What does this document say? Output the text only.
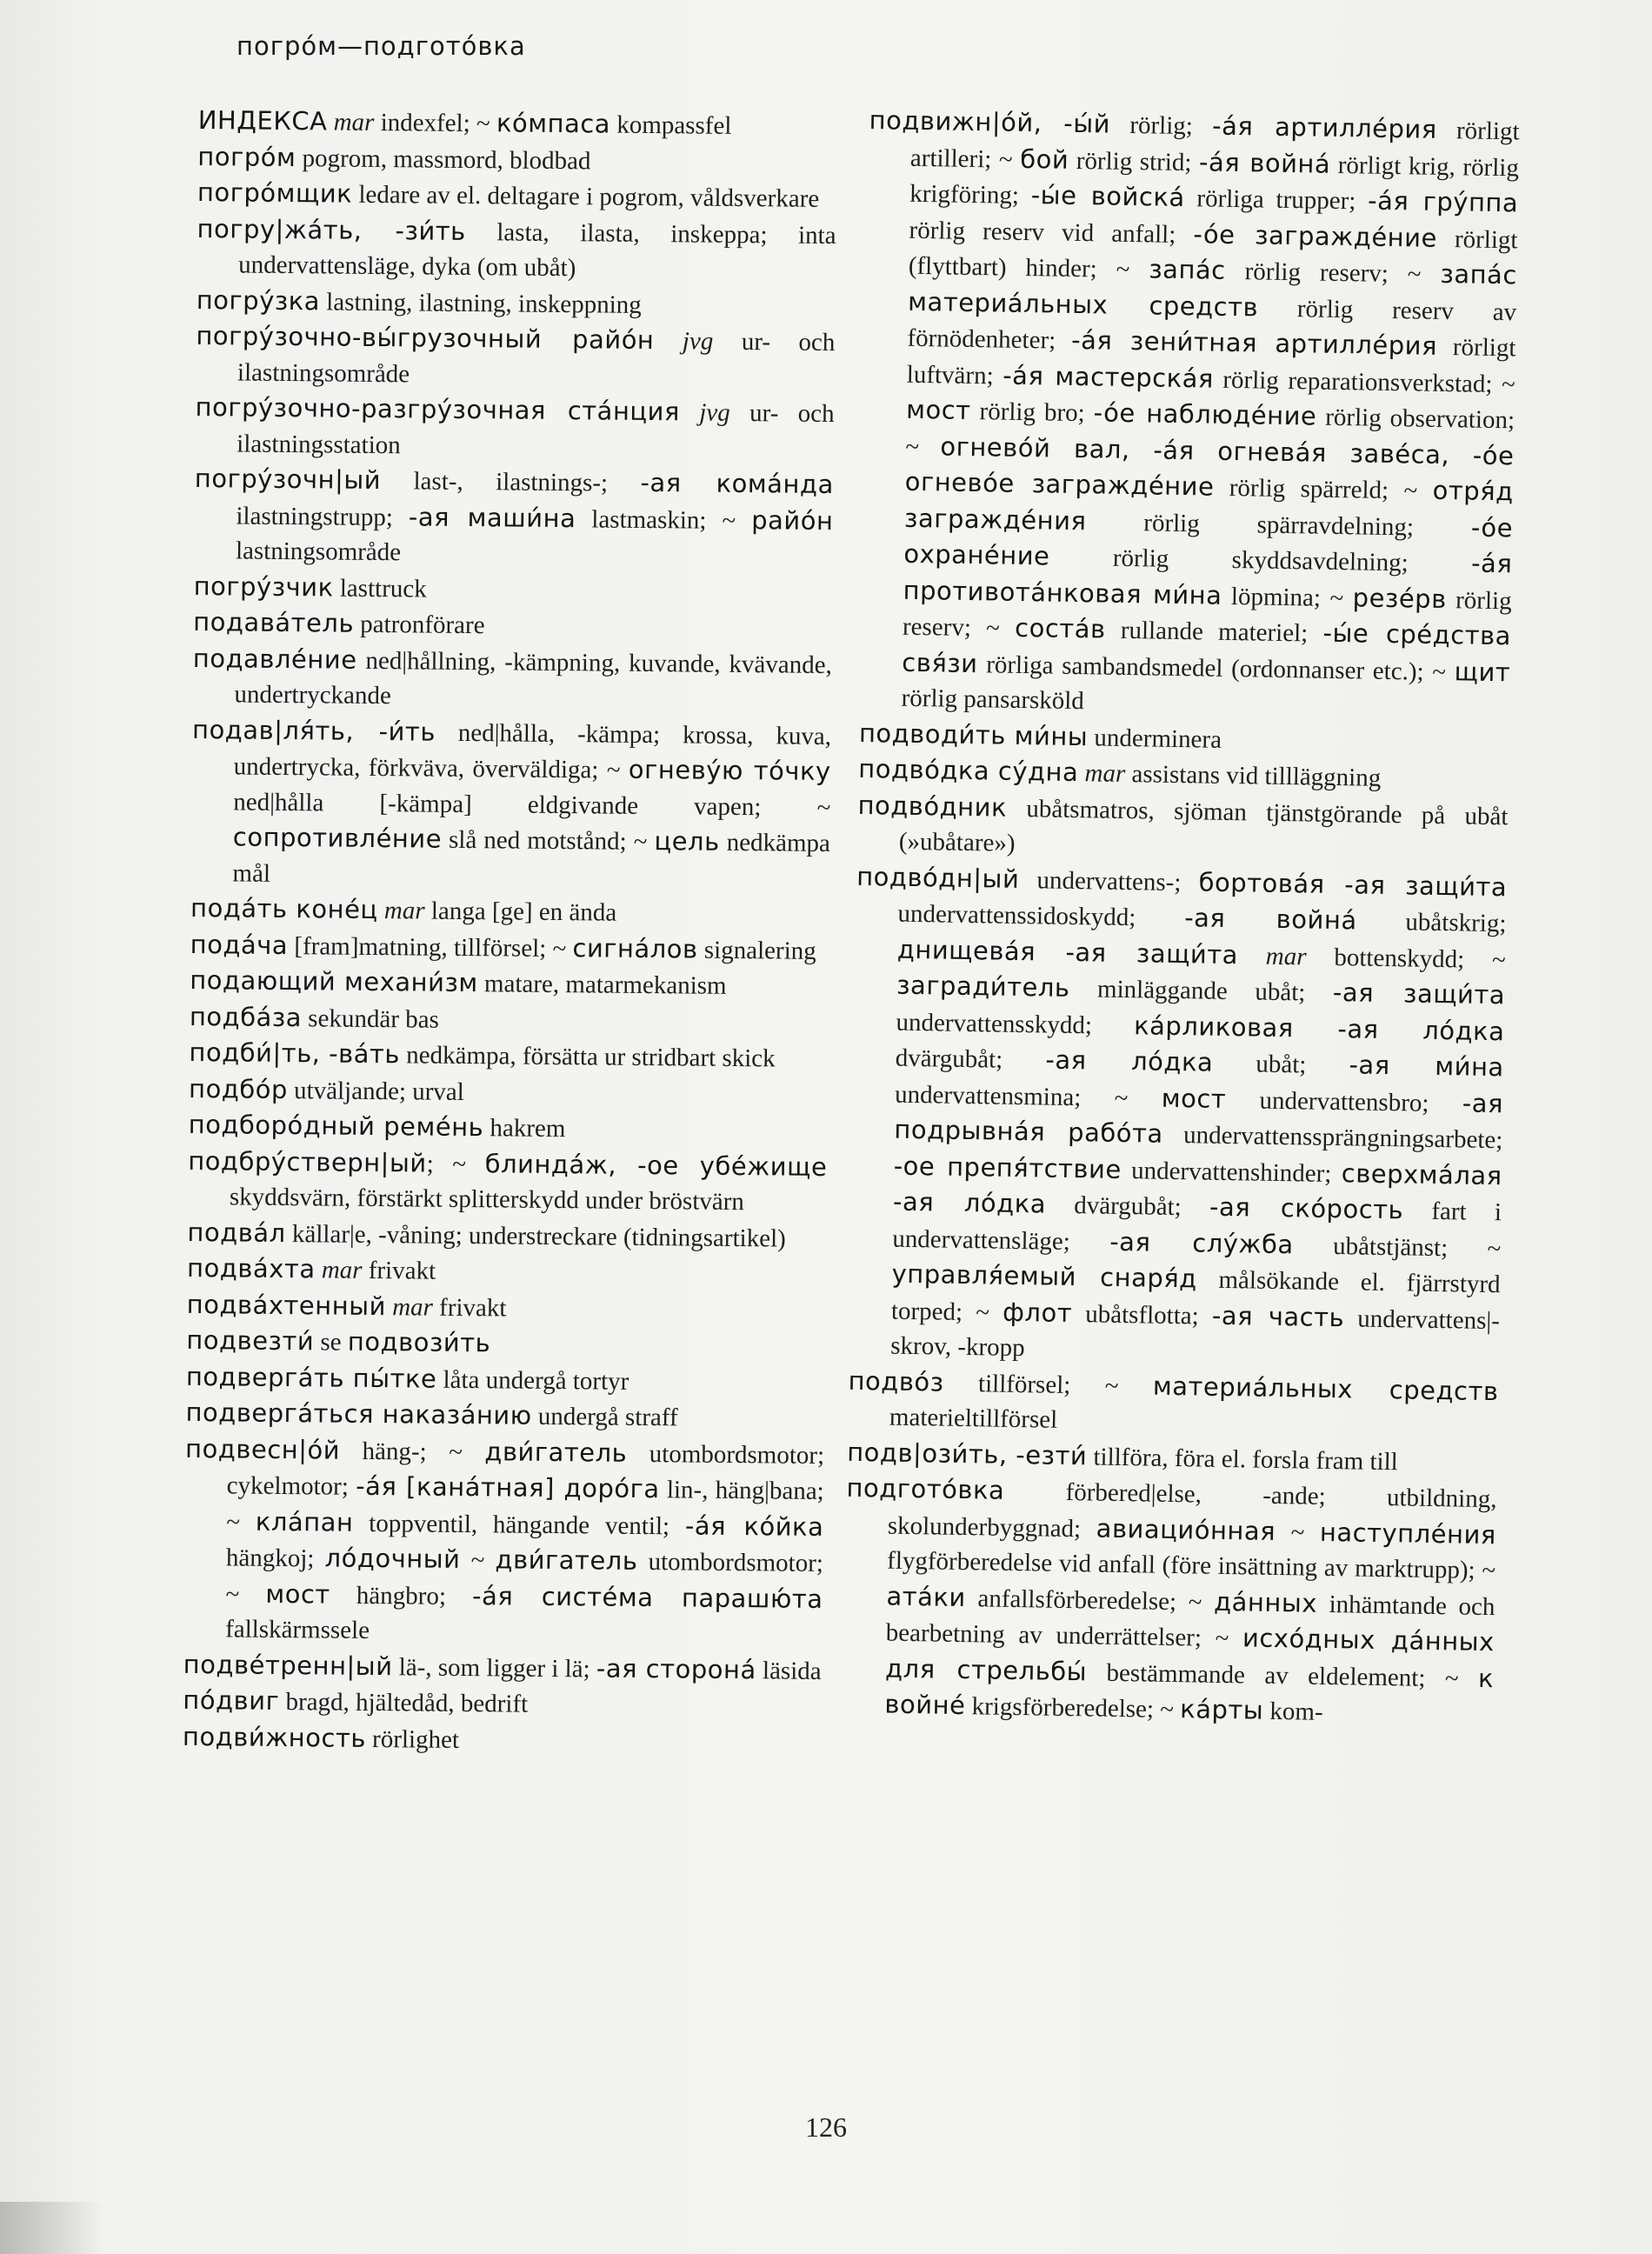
погрóм—подготóвка

ИНДЕКСА mar indexfel; ~ кóмпаса kompassfel

погрóм pogrom, massmord, blodbad

погрóмщик ledare av el. deltagare i pogrom, våldsverkare

погру|жáть, -зи́ть lasta, ilasta, inskeppa; inta undervattensläge, dyka (om ubåt)

погрýзка lastning, ilastning, inskeppning

погрýзочно-вы́грузочный райóн jvg ur- och ilastningsområde

погрýзочно-разгрýзочная стáнция jvg ur- och ilastningsstation

погрýзочн|ый last-, ilastnings-; -ая комáнда ilastningstrupp; -ая маши́на lastmaskin; ~ райóн lastningsområde

погрýзчик lasttruck

подавáтель patronförare

подавлéние ned|hållning, -kämpning, kuvande, kvävande, undertryckande

подав|ля́ть, -и́ть ned|hålla, -kämpa; krossa, kuva, undertrycka, förkväva, överväldiga; ~ огневýю тóчку ned|hålla [-kämpa] eldgivande vapen; ~ сопротивлéние slå ned motstånd; ~ цель nedkämpa mål

подáть конéц mar langa [ge] en ända

подáча [fram]matning, tillförsel; ~ сигнáлов signalering

подающий механи́зм matare, matarmekanism

подбáза sekundär bas

подби́|ть, -вáть nedkämpa, försätta ur stridbart skick

подбóр utväljande; urval

подборóдный ремéнь hakrem

подбрýстверн|ый; ~ блиндáж, -ое убéжище skyddsvärn, förstärkt splitterskydd under bröstvärn

подвáл källar|e, -våning; understreckare (tidningsartikel)

подвáхта mar frivakt

подвáхтенный mar frivakt

подвезти́ se подвози́ть

подвергáть пы́тке låta undergå tortyr

подвергáться наказáнию undergå straff

подвесн|óй häng-; ~ дви́гатель utombordsmotor; cykelmotor; -áя [канáтная] дорóга lin-, häng|bana; ~ клáпан toppventil, hängande ventil; -áя кóйка hängkoj; лóдочный ~ дви́гатель utombordsmotor; ~ мост hängbro; -áя систéма парашю́та fallskärmssele

подвéтренн|ый lä-, som ligger i lä; -ая сторонá läsida

пóдвиг bragd, hjältedåd, bedrift

подви́жность rörlighet

подвижн|óй, -ы́й rörlig; -áя артиллéрия rörligt artilleri; ~ бой rörlig strid; -áя войнá rörligt krig, rörlig krigföring; -ы́е войскá rörliga trupper; -áя грýппа rörlig reserv vid anfall; -óе загражде́ние rörligt (flyttbart) hinder; ~ запáс rörlig reserv; ~ запáс материáльных средств rörlig reserv av förnödenheter; -áя зени́тная артиллéрия rörligt luftvärn; -áя мастерскáя rörlig reparationsverkstad; ~ мост rörlig bro; -óе наблюдéние rörlig observation; ~ огневóй вал, -áя огневáя завéса, -óе огневóе загражде́ние rörlig spärreld; ~ отря́д заграждéния rörlig spärravdelning; -óе охранéние rörlig skyddsavdelning; -áя противотáнковая ми́на löpmina; ~ резéрв rörlig reserv; ~ состáв rullande materiel; -ы́е срéдства свя́зи rörliga sambandsmedel (ordonnanser etc.); ~ щит rörlig pansarsköld

подводи́ть ми́ны underminera

подвóдка сýдна mar assistans vid tillläggning

подвóдник ubåtsmatros, sjöman tjänstgörande på ubåt (»ubåtare»)

подвóдн|ый undervattens-; бортовáя -ая защи́та undervattenssidoskydd; -ая войнá ubåtskrig; днищевáя -ая защи́та mar bottenskydd; ~ загради́тель minläggande ubåt; -ая защи́та undervattensskydd; кáрликовая -ая лóдка dvärgubåt; -ая лóдка ubåt; -ая ми́на undervattensmina; ~ мост undervattensbro; -ая подрывнáя рабóта undervattenssprängningsarbete; -ое препя́тствие undervattenshinder; сверхмáлая -ая лóдка dvärgubåt; -ая скóрость fart i undervattensläge; -ая слýжба ubåtstjänst; ~ управля́емый снаря́д målsökande el. fjärrstyrd torped; ~ флот ubåtsflotta; -ая часть undervattens|-skrov, -kropp

подвóз tillförsel; ~ материáльных средств materieltillförsel

подв|ози́ть, -езти́ tillföra, föra el. forsla fram till

подготóвка förbered|else, -ande; utbildning, skolunderbyggnad; авиациóнная ~ наступлéния flygförberedelse vid anfall (före insättning av marktrupp); ~ атáки anfallsförberedelse; ~ дáнных inhämtande och bearbetning av underrättelser; ~ исхóдных дáнных для стрельбы́ bestämmande av eldelement; ~ к войнé krigsförberedelse; ~ кáрты kom-

126
